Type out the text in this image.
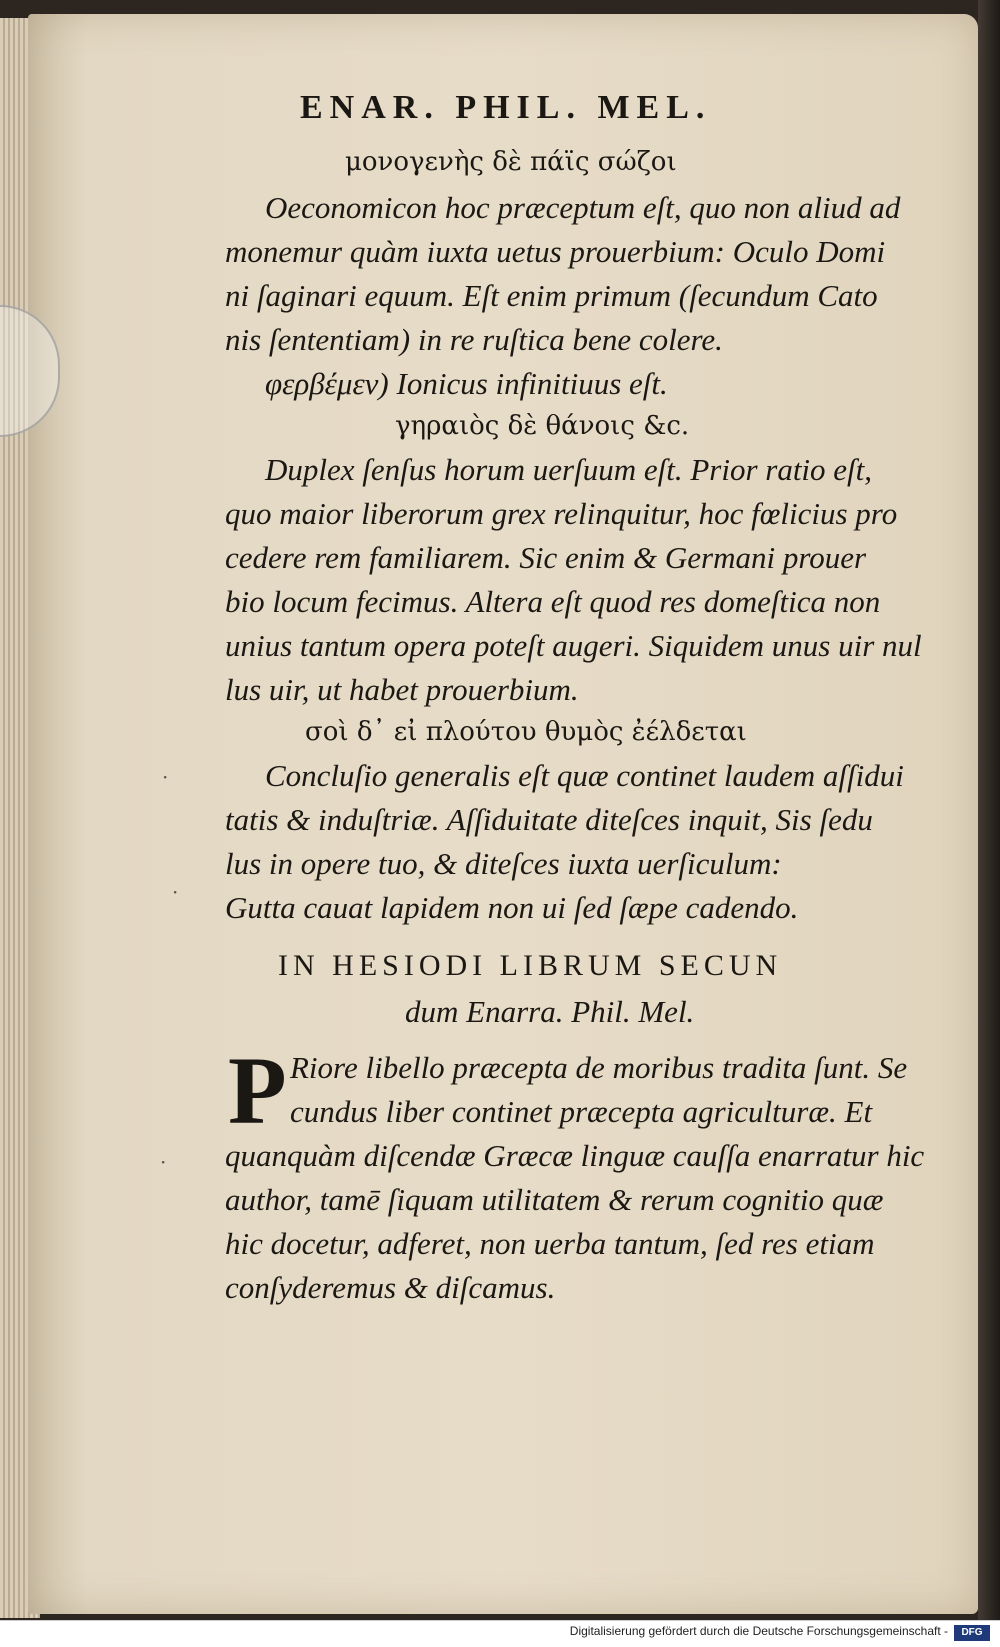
ENAR. PHIL. MEL.

μονογενὴς δὲ πάϊς σώζοι

Oeconomicon hoc præceptum eſt, quo non aliud ad

monemur quàm iuxta uetus prouerbium: Oculo Domi

ni ſaginari equum. Eſt enim primum (ſecundum Cato

nis ſententiam) in re ruſtica bene colere.

φερβέμεν) Ionicus infinitiuus eſt.

γηραιὸς δὲ θάνοις &c.

Duplex ſenſus horum uerſuum eſt. Prior ratio eſt,

quo maior liberorum grex relinquitur, hoc fœlicius pro

cedere rem familiarem. Sic enim & Germani prouer

bio locum fecimus. Altera eſt quod res domeſtica non

unius tantum opera poteſt augeri. Siquidem unus uir nul

lus uir, ut habet prouerbium.

σοὶ δ᾽ εἰ πλούτου θυμὸς ἐέλδεται

Concluſio generalis eſt quæ continet laudem aſſidui

tatis & induſtriæ. Aſſiduitate diteſces inquit, Sis ſedu

lus in opere tuo, & diteſces iuxta uerſiculum:

Gutta cauat lapidem non ui ſed ſæpe cadendo.

IN HESIODI LIBRUM SECUN

dum Enarra. Phil. Mel.

P Riore libello præcepta de moribus tradita ſunt. Se

cundus liber continet præcepta agriculturæ. Et

quanquàm diſcendæ Græcæ linguæ cauſſa enarratur hic

author, tamē ſiquam utilitatem & rerum cognitio quæ

hic docetur, adferet, non uerba tantum, ſed res etiam

conſyderemus & diſcamus.

·
·
·
Digitalisierung gefördert durch die Deutsche Forschungsgemeinschaft -	DFG
